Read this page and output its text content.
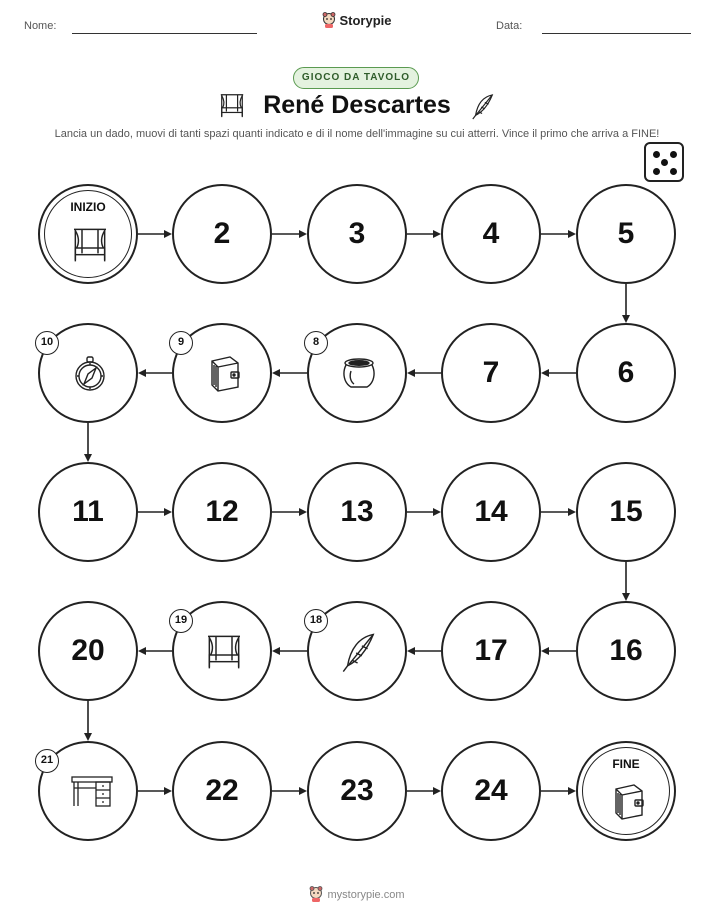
Nome:	Data:
Storypie
GIOCO DA TAVOLO
René Descartes
Lancia un dado, muovi di tanti spazi quanti indicato e di il nome dell'immagine su cui atterri. Vince il primo che arriva a FINE!
INIZIO
2	3	4	5
6
7
8
9
10
11	12	13	14	15
16
17
18
19
20
21
22	23	24
FINE
mystorypie.com
